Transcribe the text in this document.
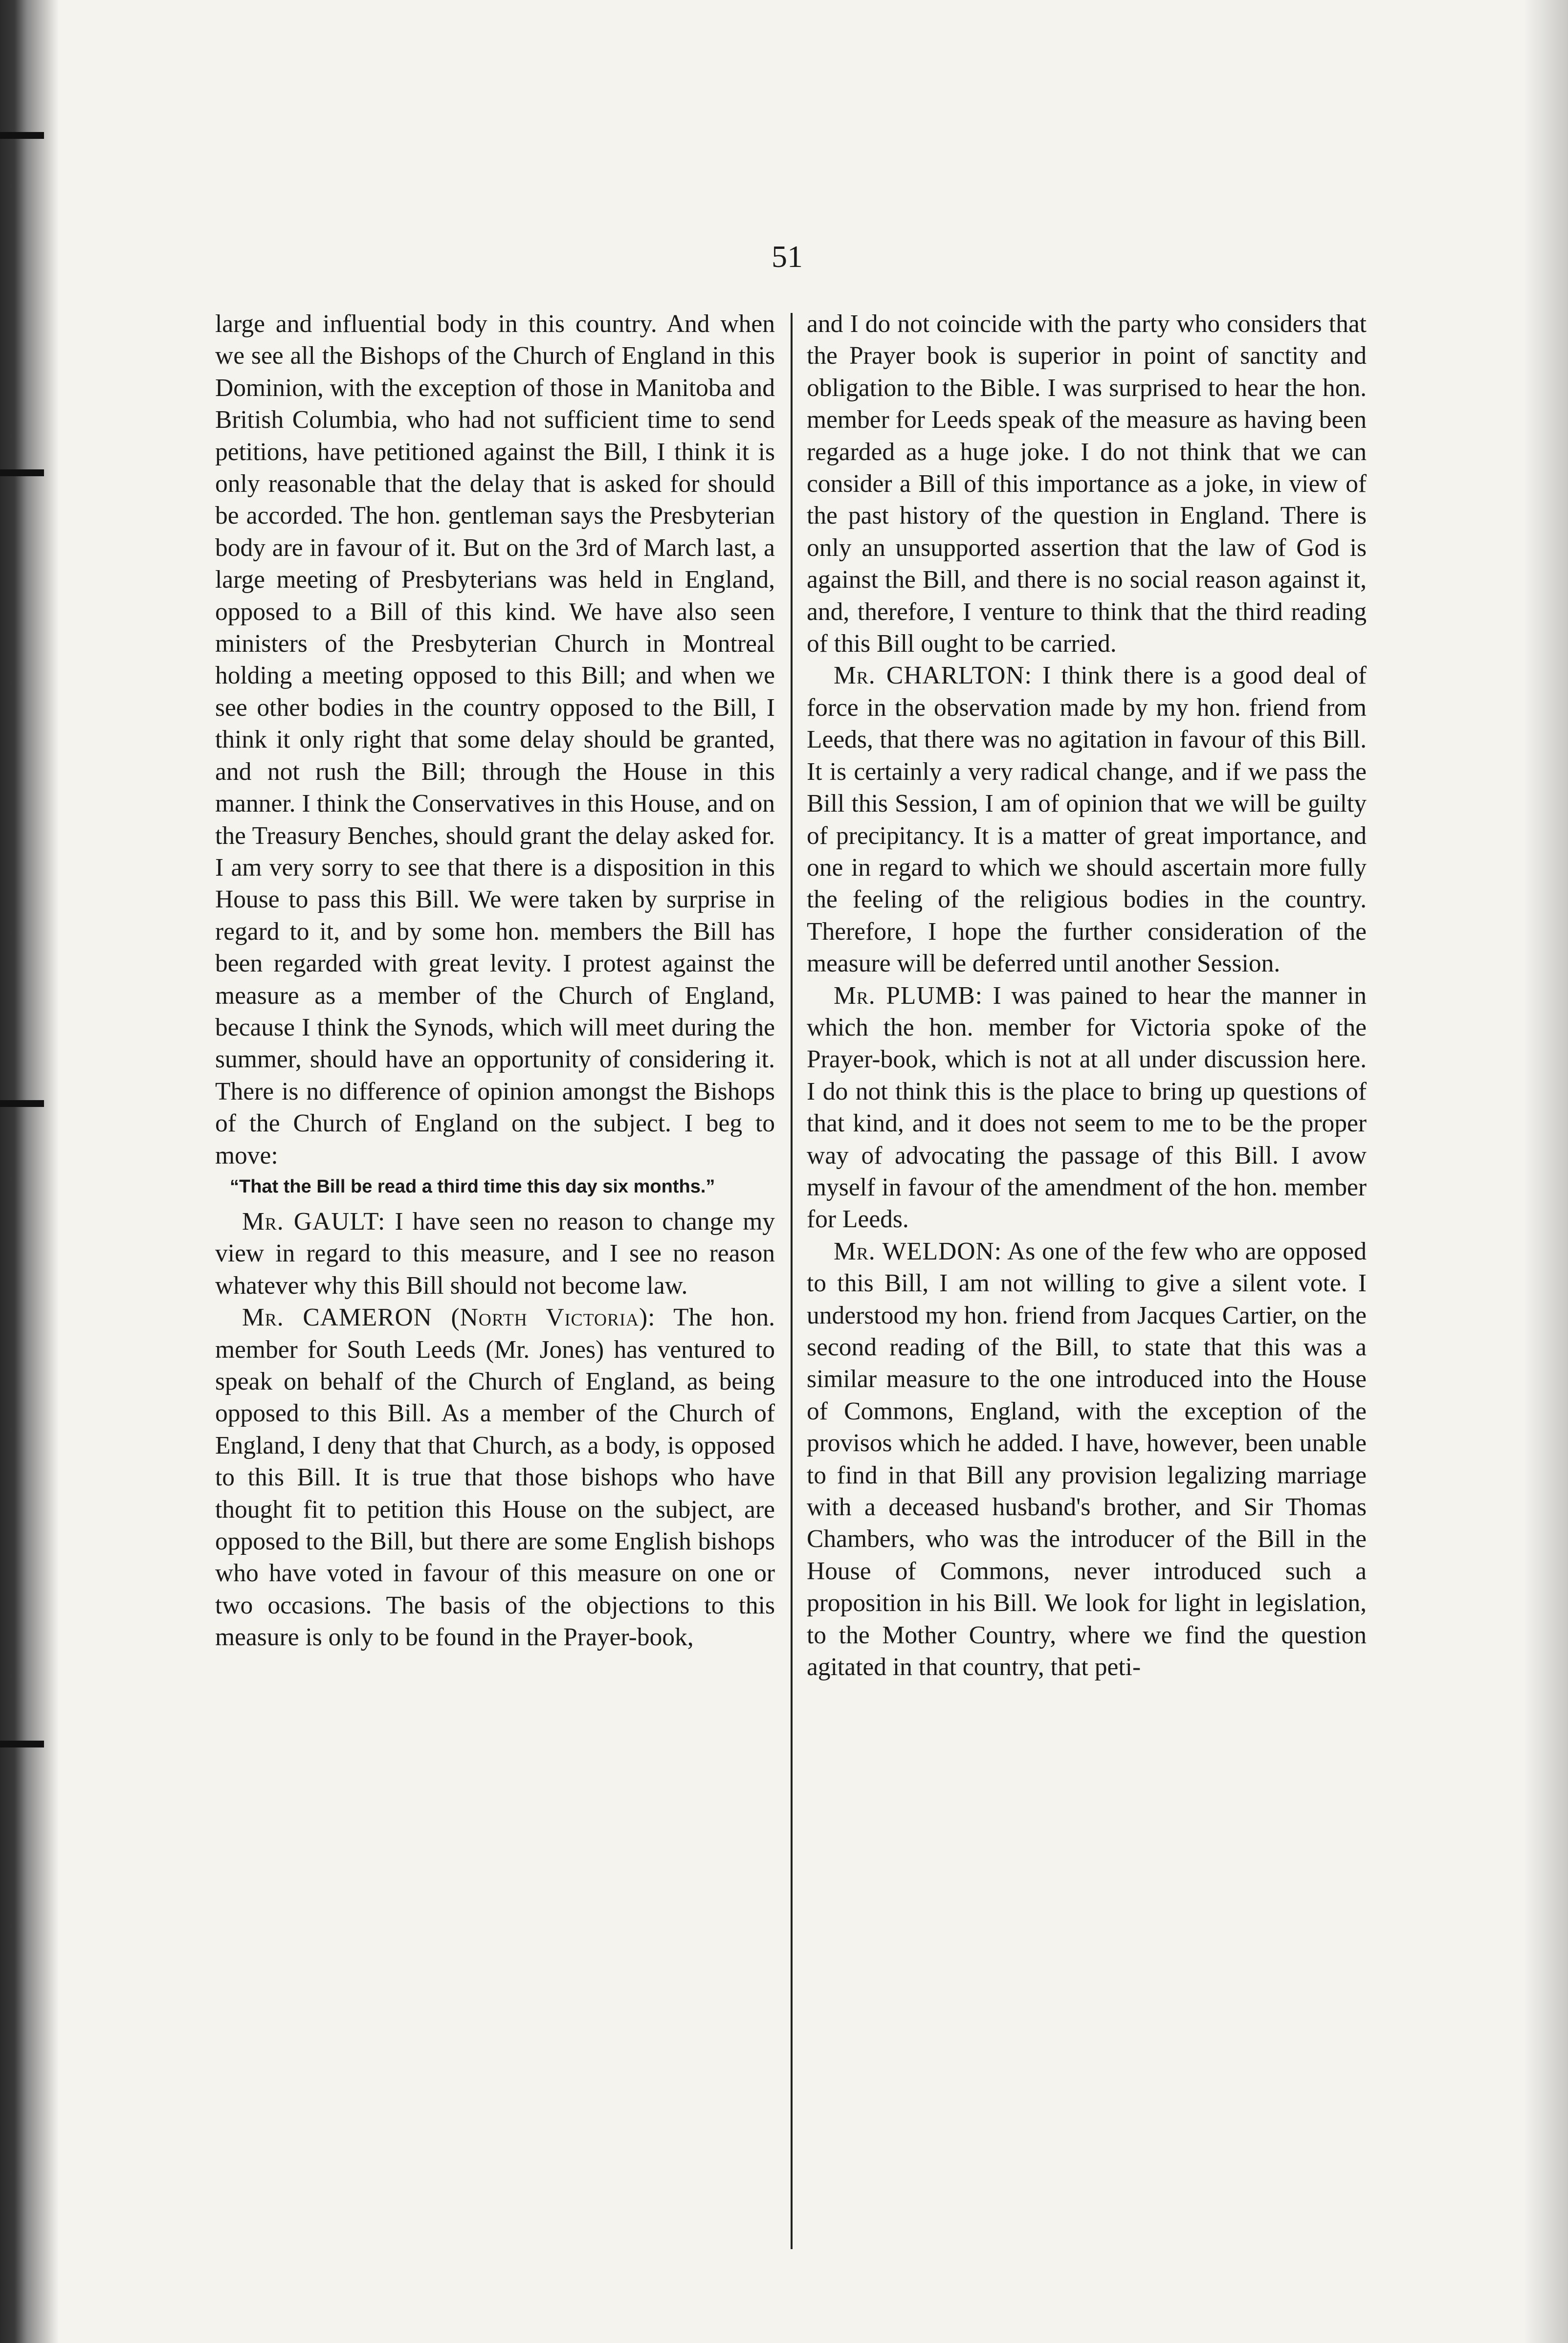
51

large and influential body in this country. And when we see all the Bishops of the Church of England in this Dominion, with the exception of those in Manitoba and British Columbia, who had not sufficient time to send petitions, have petitioned against the Bill, I think it is only reasonable that the delay that is asked for should be accorded. The hon. gentleman says the Presbyterian body are in favour of it. But on the 3rd of March last, a large meeting of Presbyterians was held in England, opposed to a Bill of this kind. We have also seen ministers of the Presbyterian Church in Montreal holding a meeting opposed to this Bill; and when we see other bodies in the country opposed to the Bill, I think it only right that some delay should be granted, and not rush the Bill; through the House in this manner. I think the Conservatives in this House, and on the Treasury Benches, should grant the delay asked for. I am very sorry to see that there is a disposition in this House to pass this Bill. We were taken by surprise in regard to it, and by some hon. members the Bill has been regarded with great levity. I protest against the measure as a member of the Church of England, because I think the Synods, which will meet during the summer, should have an opportunity of considering it. There is no difference of opinion amongst the Bishops of the Church of England on the subject. I beg to move:

“That the Bill be read a third time this day six months.”

Mr. GAULT: I have seen no reason to change my view in regard to this measure, and I see no reason whatever why this Bill should not become law.

Mr. CAMERON (North Victoria): The hon. member for South Leeds (Mr. Jones) has ventured to speak on behalf of the Church of England, as being opposed to this Bill. As a member of the Church of England, I deny that that Church, as a body, is opposed to this Bill. It is true that those bishops who have thought fit to petition this House on the subject, are opposed to the Bill, but there are some English bishops who have voted in favour of this measure on one or two occasions. The basis of the objections to this measure is only to be found in the Prayer-book,

and I do not coincide with the party who considers that the Prayer book is superior in point of sanctity and obligation to the Bible. I was surprised to hear the hon. member for Leeds speak of the measure as having been regarded as a huge joke. I do not think that we can consider a Bill of this importance as a joke, in view of the past history of the question in England. There is only an unsupported assertion that the law of God is against the Bill, and there is no social reason against it, and, therefore, I venture to think that the third reading of this Bill ought to be carried.

Mr. CHARLTON: I think there is a good deal of force in the observation made by my hon. friend from Leeds, that there was no agitation in favour of this Bill. It is certainly a very radical change, and if we pass the Bill this Session, I am of opinion that we will be guilty of precipitancy. It is a matter of great importance, and one in regard to which we should ascertain more fully the feeling of the religious bodies in the country. Therefore, I hope the further consideration of the measure will be deferred until another Session.

Mr. PLUMB: I was pained to hear the manner in which the hon. member for Victoria spoke of the Prayer-book, which is not at all under discussion here. I do not think this is the place to bring up questions of that kind, and it does not seem to me to be the proper way of advocating the passage of this Bill. I avow myself in favour of the amendment of the hon. member for Leeds.

Mr. WELDON: As one of the few who are opposed to this Bill, I am not willing to give a silent vote. I understood my hon. friend from Jacques Cartier, on the second reading of the Bill, to state that this was a similar measure to the one introduced into the House of Commons, England, with the exception of the provisos which he added. I have, however, been unable to find in that Bill any provision legalizing marriage with a deceased husband's brother, and Sir Thomas Chambers, who was the introducer of the Bill in the House of Commons, never introduced such a proposition in his Bill. We look for light in legislation, to the Mother Country, where we find the question agitated in that country, that peti-
